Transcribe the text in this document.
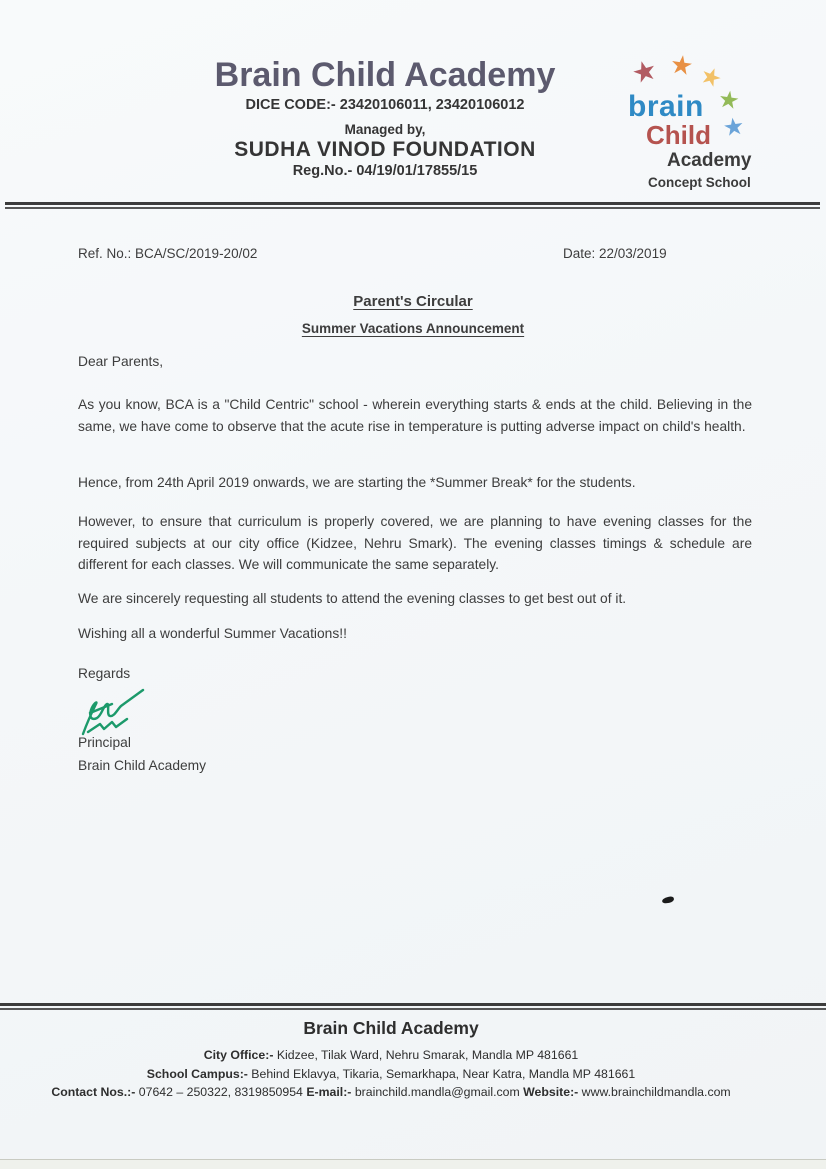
Brain Child Academy
DICE CODE:- 23420106011, 23420106012
Managed by,
SUDHA VINOD FOUNDATION
Reg.No.- 04/19/01/17855/15
★ ★ ★
★
★
brain
Child
Academy
Concept School
Ref. No.: BCA/SC/2019-20/02	Date: 22/03/2019
Parent's Circular
Summer Vacations Announcement
Dear Parents,
As you know, BCA is a "Child Centric" school - wherein everything starts & ends at the child. Believing in the same, we have come to observe that the acute rise in temperature is putting adverse impact on child's health.
Hence, from 24th April 2019 onwards, we are starting the *Summer Break* for the students.
However, to ensure that curriculum is properly covered, we are planning to have evening classes for the required subjects at our city office (Kidzee, Nehru Smark). The evening classes timings & schedule are different for each classes. We will communicate the same separately.
We are sincerely requesting all students to attend the evening classes to get best out of it.
Wishing all a wonderful Summer Vacations!!
Regards
Principal
Brain Child Academy
Brain Child Academy
City Office:- Kidzee, Tilak Ward, Nehru Smarak, Mandla MP 481661
School Campus:- Behind Eklavya, Tikaria, Semarkhapa, Near Katra, Mandla MP 481661
Contact Nos.:- 07642 – 250322, 8319850954 E-mail:- brainchild.mandla@gmail.com Website:- www.brainchildmandla.com
